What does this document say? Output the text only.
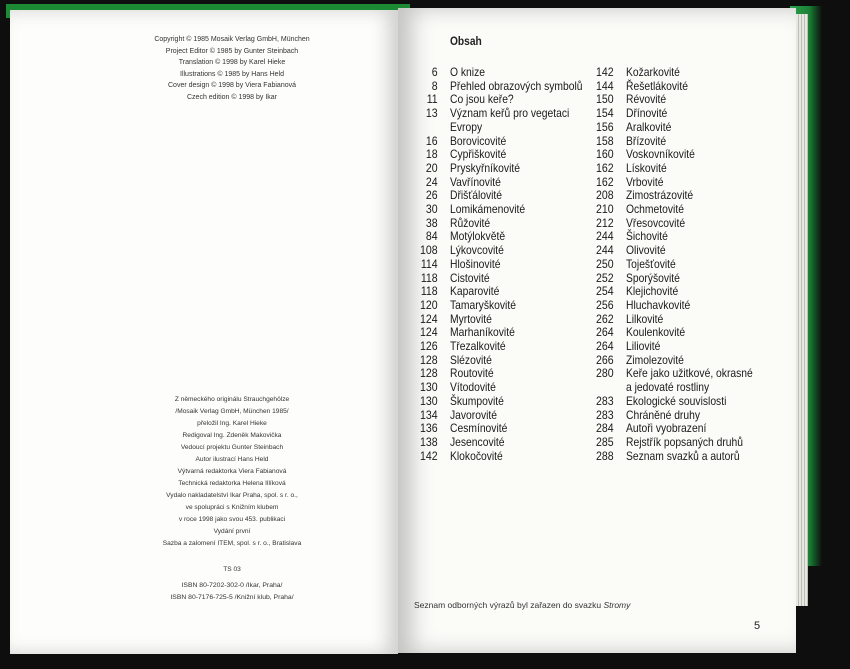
Copyright © 1985 Mosaik Verlag GmbH, München
Project Editor © 1985 by Gunter Steinbach
Translation © 1998 by Karel Hieke
Illustrations © 1985 by Hans Held
Cover design © 1998 by Viera Fabianová
Czech edition © 1998 by Ikar
Z německého originálu Strauchgehölze
/Mosaik Verlag GmbH, München 1985/
přeložil Ing. Karel Hieke
Redigoval Ing. Zdeněk Makovička
Vedoucí projektu Gunter Steinbach
Autor ilustrací Hans Held
Výtvarná redaktorka Viera Fabianová
Technická redaktorka Helena Illíková
Vydalo nakladatelství Ikar Praha, spol. s r. o.,
ve spolupráci s Knižním klubem
v roce 1998 jako svou 453. publikaci
Vydání první
Sazba a zalomení ITEM, spol. s r. o., Bratislava
TS 03
ISBN 80-7202-302-0 /Ikar, Praha/
ISBN 80-7176-725-5 /Knižní klub, Praha/
Obsah
6	O knize
8	Přehled obrazových symbolů
11	Co jsou keře?
13	Význam keřů pro vegetaci
Evropy
16	Borovicovité
18	Cypřiškovité
20	Pryskyřníkovité
24	Vavřínovité
26	Dřišťálovité
30	Lomikámenovité
38	Růžovité
84	Motýlokvětě
108	Lýkovcovité
114	Hlošinovité
118	Cistovité
118	Kaparovité
120	Tamaryškovité
124	Myrtovité
124	Marhaníkovité
126	Třezalkovité
128	Slézovité
128	Routovité
130	Vítodovité
130	Škumpovité
134	Javorovité
136	Cesmínovité
138	Jesencovité
142	Klokočovité
142	Kožarkovité
144	Řešetlákovité
150	Révovité
154	Dřínovité
156	Aralkovité
158	Břízovité
160	Voskovníkovité
162	Lískovité
162	Vrbovité
208	Zimostrázovité
210	Ochmetovité
212	Vřesovcovité
244	Šichovité
244	Olivovité
250	Toješťovité
252	Sporýšovité
254	Klejichovité
256	Hluchavkovité
262	Lilkovité
264	Koulenkovité
264	Liliovité
266	Zimolezovité
280	Keře jako užitkové, okrasné
a jedovaté rostliny
283	Ekologické souvislosti
283	Chráněné druhy
284	Autoři vyobrazení
285	Rejstřík popsaných druhů
288	Seznam svazků a autorů
Seznam odborných výrazů byl zařazen do svazku Stromy
5
